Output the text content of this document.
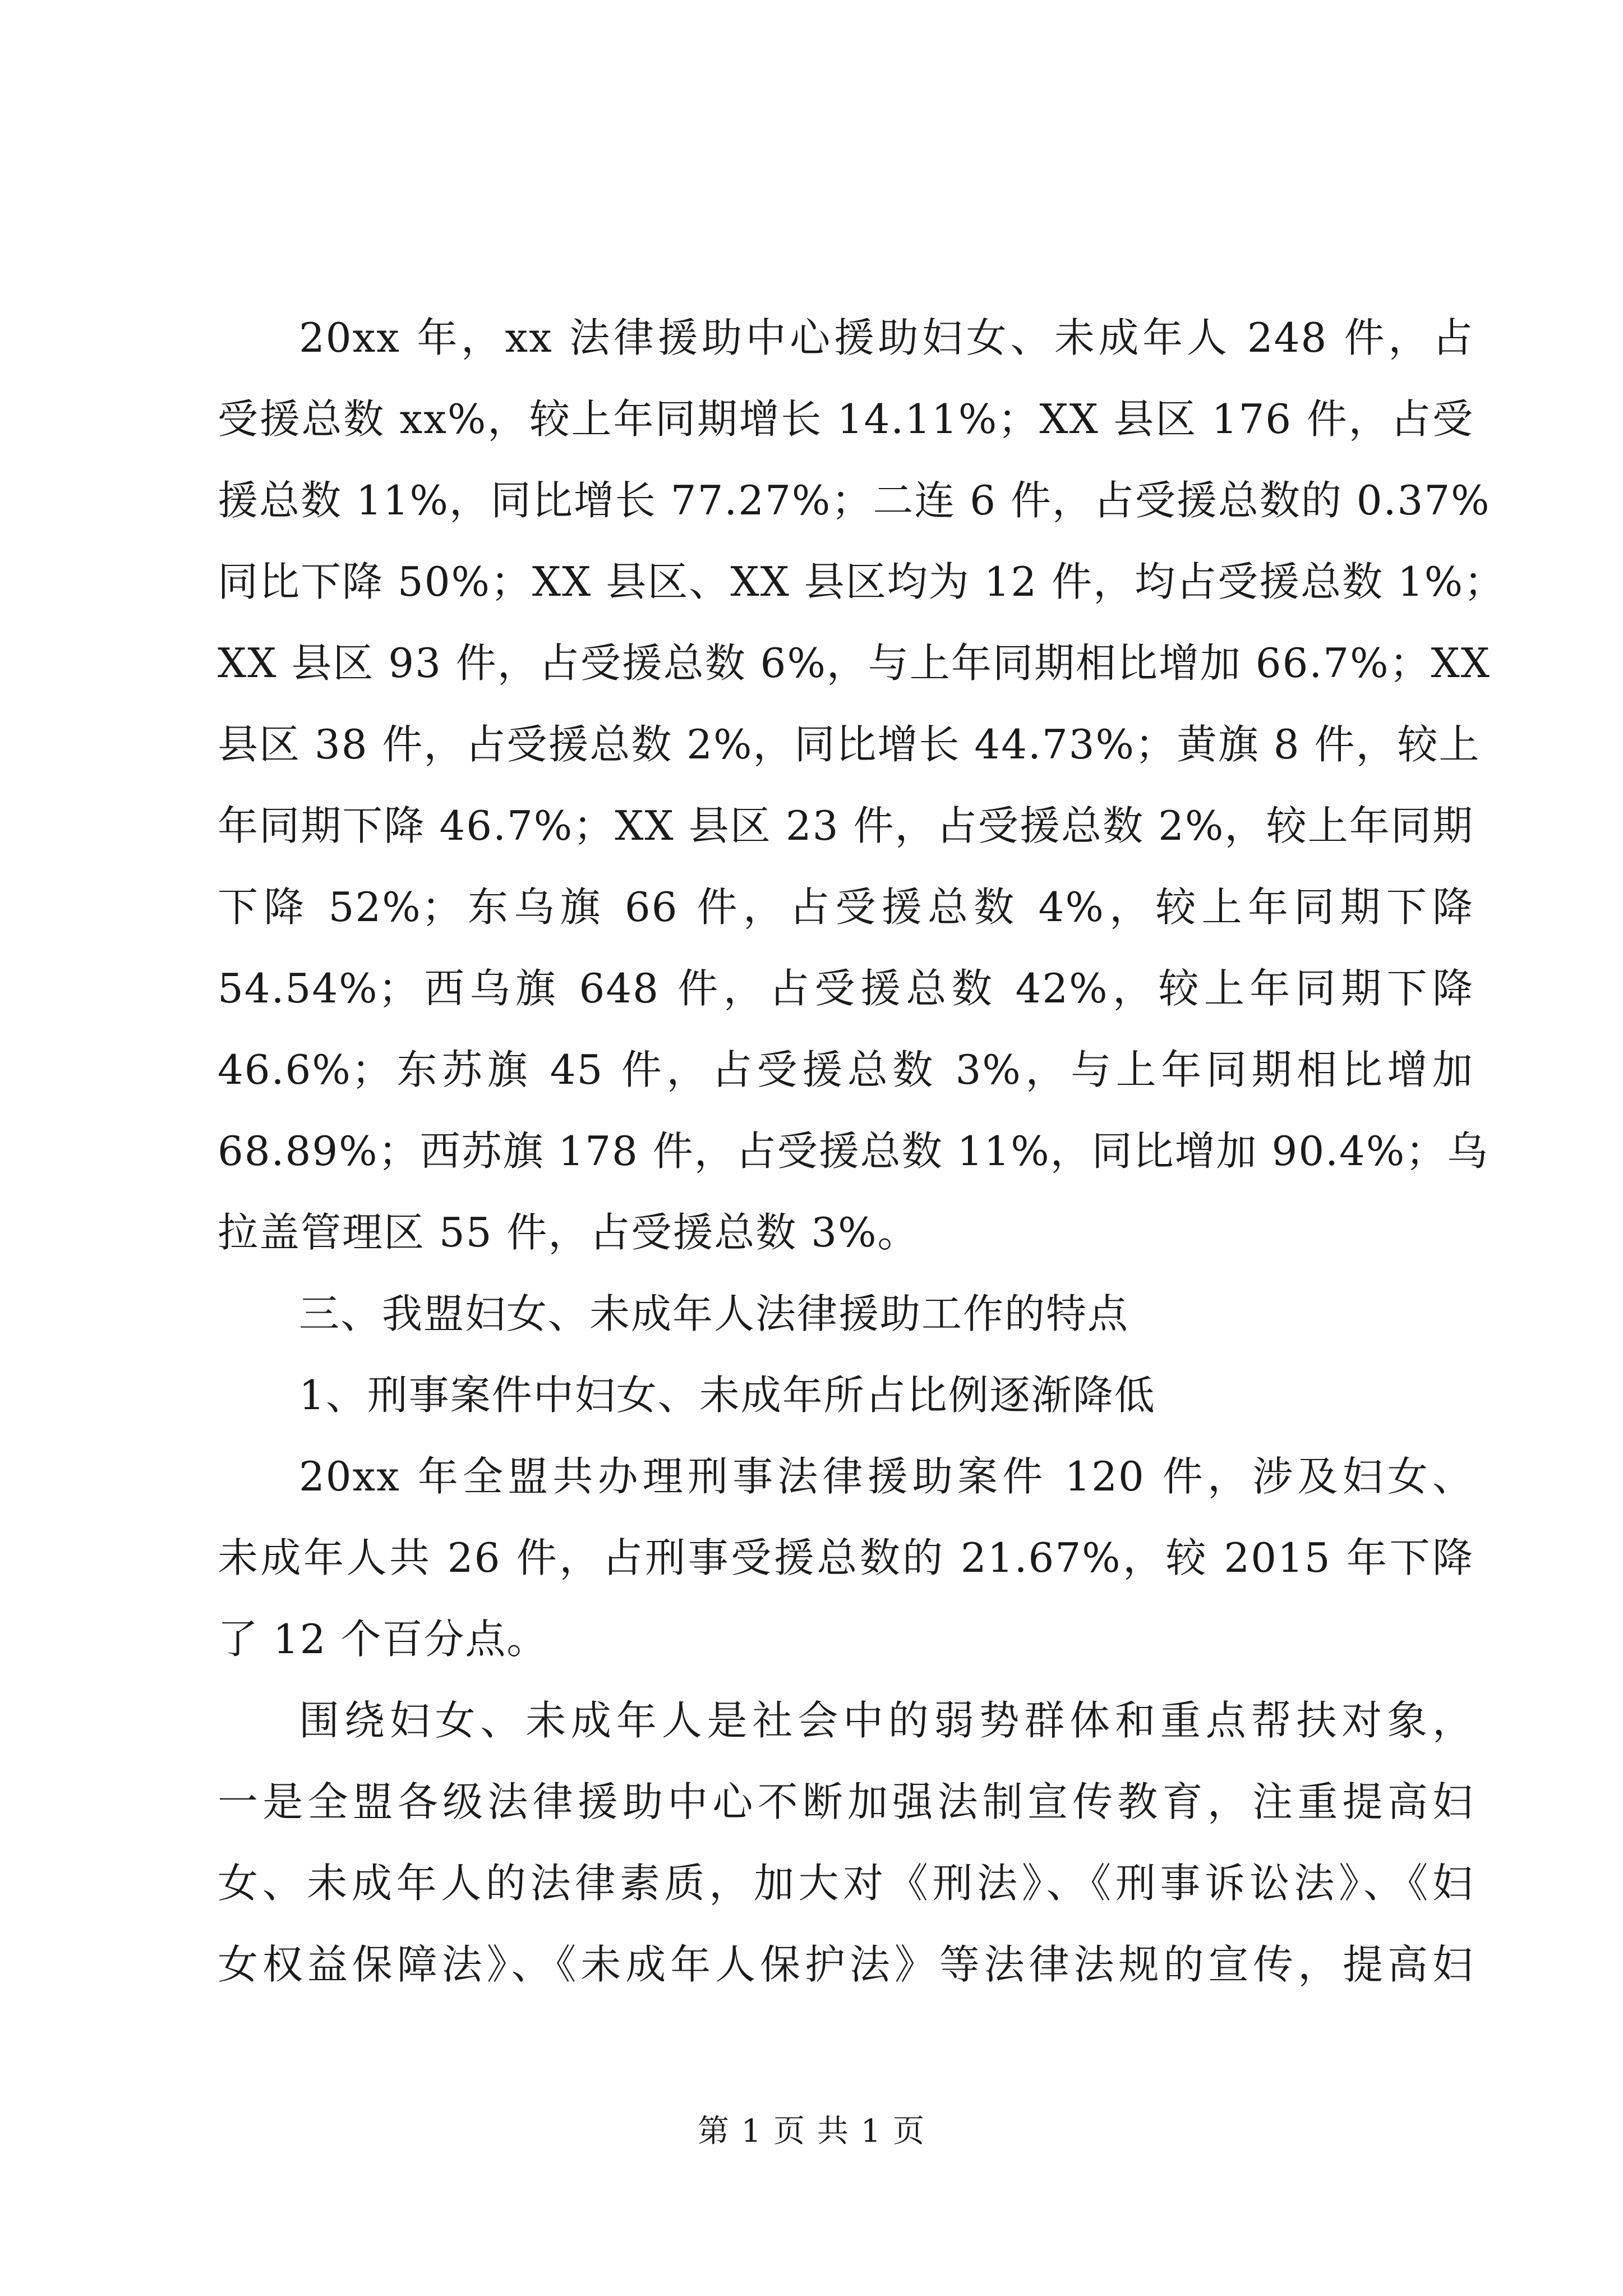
20xx 年，xx 法律援助中心援助妇女、未成年人 248 件，占
受援总数 xx%，较上年同期增长 14.11%；XX 县区 176 件，占受
援总数 11%，同比增长 77.27%；二连 6 件，占受援总数的 0.37%
同比下降 50%；XX 县区、XX 县区均为 12 件，均占受援总数 1%；
XX 县区 93 件，占受援总数 6%，与上年同期相比增加 66.7%；XX
县区 38 件，占受援总数 2%，同比增长 44.73%；黄旗 8 件，较上
年同期下降 46.7%；XX 县区 23 件，占受援总数 2%，较上年同期
下降 52%；东乌旗 66 件，占受援总数 4%，较上年同期下降
54.54%；西乌旗 648 件，占受援总数 42%，较上年同期下降
46.6%；东苏旗 45 件，占受援总数 3%，与上年同期相比增加
68.89%；西苏旗 178 件，占受援总数 11%，同比增加 90.4%；乌
拉盖管理区 55 件，占受援总数 3%。
三、我盟妇女、未成年人法律援助工作的特点
1、刑事案件中妇女、未成年所占比例逐渐降低
20xx 年全盟共办理刑事法律援助案件 120 件，涉及妇女、
未成年人共 26 件，占刑事受援总数的 21.67%，较 2015 年下降
了 12 个百分点。
围绕妇女、未成年人是社会中的弱势群体和重点帮扶对象，
一是全盟各级法律援助中心不断加强法制宣传教育，注重提高妇
女、未成年人的法律素质，加大对《刑法》、《刑事诉讼法》、《妇
女权益保障法》、《未成年人保护法》等法律法规的宣传，提高妇
第 1 页 共 1 页
